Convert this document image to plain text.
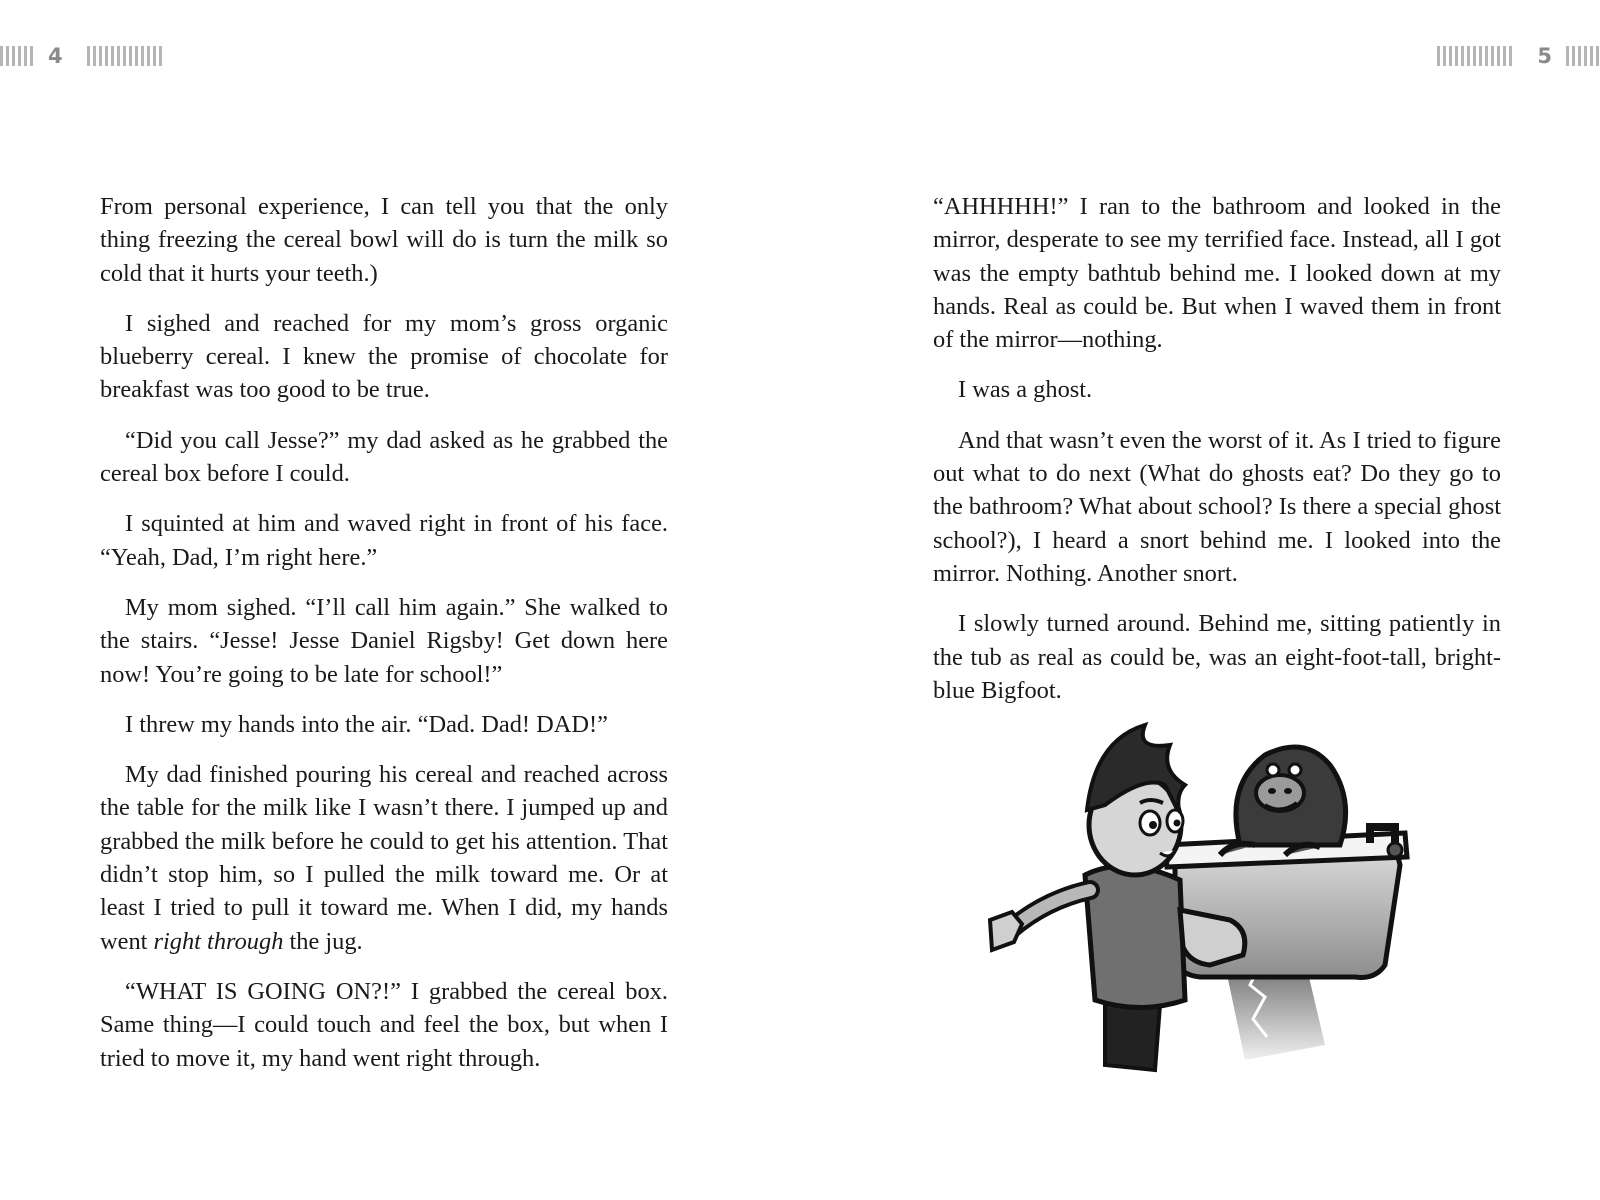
4	5

From personal experience, I can tell you that the only thing freezing the cereal bowl will do is turn the milk so cold that it hurts your teeth.)

I sighed and reached for my mom’s gross organic blueberry cereal. I knew the promise of chocolate for breakfast was too good to be true.

“Did you call Jesse?” my dad asked as he grabbed the cereal box before I could.

I squinted at him and waved right in front of his face. “Yeah, Dad, I’m right here.”

My mom sighed. “I’ll call him again.” She walked to the stairs. “Jesse! Jesse Daniel Rigsby! Get down here now! You’re going to be late for school!”

I threw my hands into the air. “Dad. Dad! DAD!”

My dad finished pouring his cereal and reached across the table for the milk like I wasn’t there. I jumped up and grabbed the milk before he could to get his attention. That didn’t stop him, so I pulled the milk toward me. Or at least I tried to pull it toward me. When I did, my hands went right through the jug.

“WHAT IS GOING ON?!” I grabbed the cereal box. Same thing—I could touch and feel the box, but when I tried to move it, my hand went right through.

“AHHHHH!” I ran to the bathroom and looked in the mirror, desperate to see my terrified face. Instead, all I got was the empty bathtub behind me. I looked down at my hands. Real as could be. But when I waved them in front of the mirror—nothing.

I was a ghost.

And that wasn’t even the worst of it. As I tried to figure out what to do next (What do ghosts eat? Do they go to the bathroom? What about school? Is there a special ghost school?), I heard a snort behind me. I looked into the mirror. Nothing. Another snort.

I slowly turned around. Behind me, sitting patiently in the tub as real as could be, was an eight-foot-tall, bright-blue Bigfoot.
